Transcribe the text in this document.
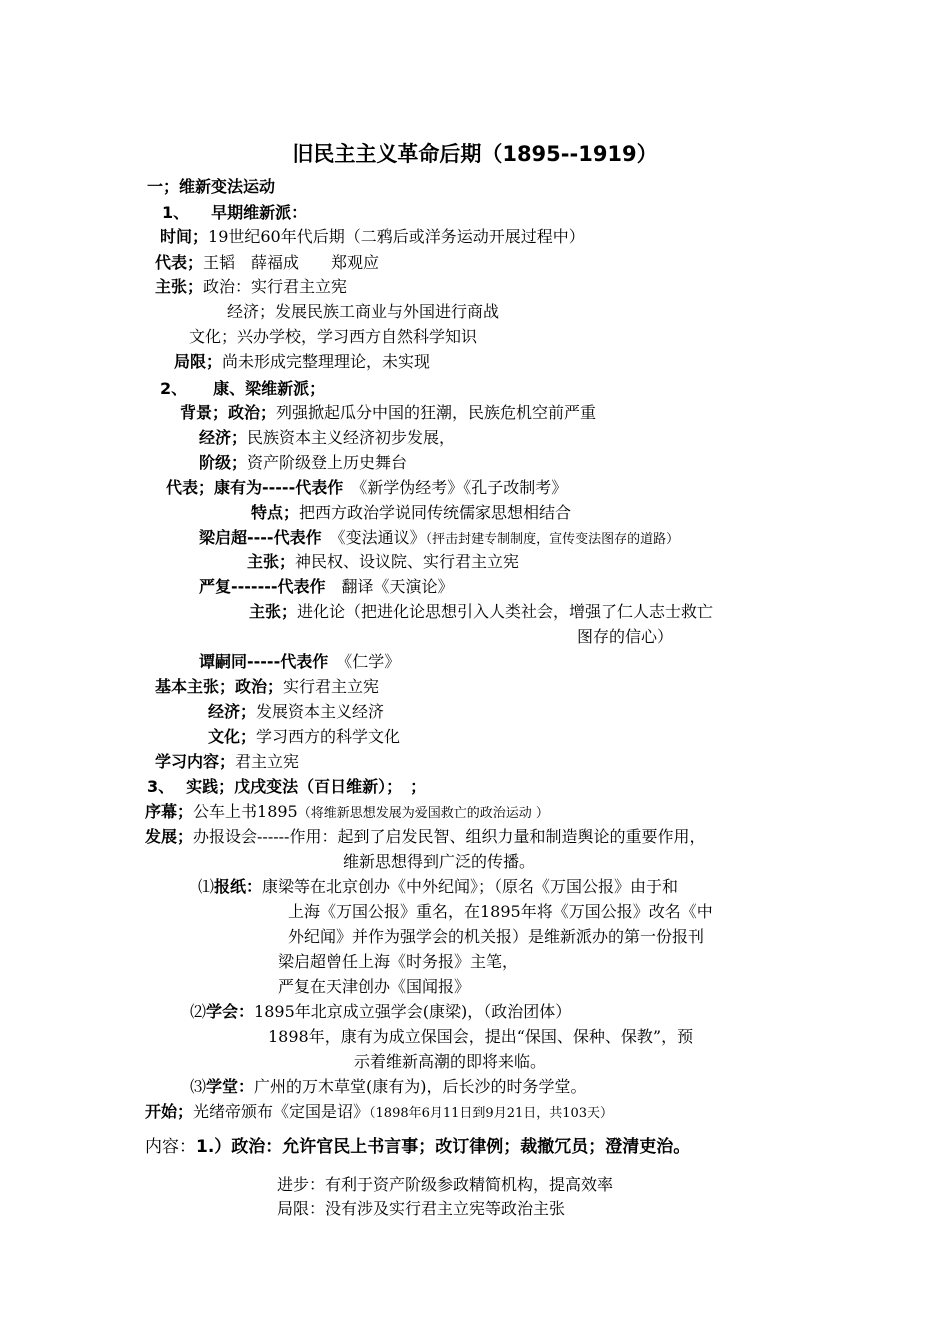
旧民主主义革命后期（1895--1919）
一；维新变法运动
1、 早期维新派：
时间；19世纪60年代后期（二鸦后或洋务运动开展过程中）
代表；王韬　薛福成　　郑观应
主张；政治：实行君主立宪
经济；发展民族工商业与外国进行商战
文化；兴办学校，学习西方自然科学知识
局限；尚未形成完整理理论，未实现
2、 康、梁维新派；
背景；政治；列强掀起瓜分中国的狂潮，民族危机空前严重
经济；民族资本主义经济初步发展，
阶级；资产阶级登上历史舞台
代表；康有为-----代表作　 《新学伪经考》《孔子改制考》
特点；把西方政治学说同传统儒家思想相结合
梁启超----代表作　 《变法通议》（抨击封建专制制度，宣传变法图存的道路）
主张；神民权、设议院、实行君主立宪
严复-------代表作　 翻译《天演论》
主张；进化论（把进化论思想引入人类社会，增强了仁人志士救亡
图存的信心）
谭嗣同-----代表作　 《仁学》
基本主张；政治；实行君主立宪
经济；发展资本主义经济
文化；学习西方的科学文化
学习内容；君主立宪
3、 实践；戊戌变法（百日维新）；　；
序幕；公车上书1895（将维新思想发展为爱国救亡的政治运动 ）
发展；办报设会------作用：起到了启发民智、组织力量和制造舆论的重要作用，
维新思想得到广泛的传播。
⑴报纸：康梁等在北京创办《中外纪闻》；（原名《万国公报》由于和
上海《万国公报》重名，在1895年将《万国公报》改名《中
外纪闻》并作为强学会的机关报）是维新派办的第一份报刊
梁启超曾任上海《时务报》主笔，
严复在天津创办《国闻报》
⑵学会：1895年北京成立强学会(康梁)，（政治团体）
1898年，康有为成立保国会，提出“保国、保种、保教”，预
示着维新高潮的即将来临。
⑶学堂：广州的万木草堂(康有为)，后长沙的时务学堂。
开始；光绪帝颁布《定国是诏》（1898年6月11日到9月21日，共103天）
内容：1.）政治：允许官民上书言事；改订律例；裁撤冗员；澄清吏治。
进步：有利于资产阶级参政精简机构，提高效率
局限：没有涉及实行君主立宪等政治主张
